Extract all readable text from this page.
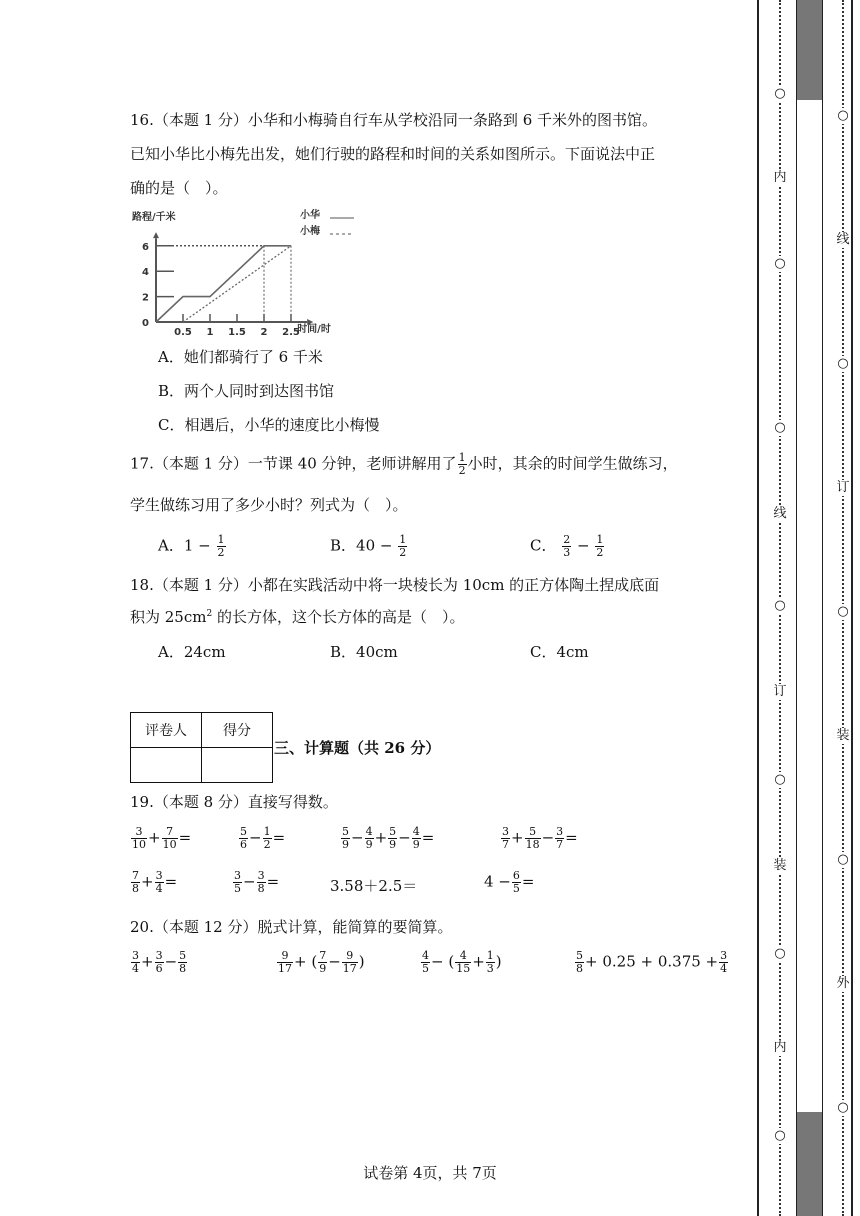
16.（本题 1 分）小华和小梅骑自行车从学校沿同一条路到 6 千米外的图书馆。
已知小华比小梅先出发，她们行驶的路程和时间的关系如图所示。下面说法中正
确的是（　）。
路程/千米
时间/时
0
2
4
6
0.5 1 1.5 2 2.5
小华
小梅
A．她们都骑行了 6 千米
B．两个人同时到达图书馆
C．相遇后，小华的速度比小梅慢
17.（本题 1 分）一节课 40 分钟，老师讲解用了 $\frac{1}{2}$ 小时，其余的时间学生做练习，
学生做练习用了多少小时？列式为（　）。
A．$1 - \frac{1}{2}$	B．$40 - \frac{1}{2}$	C． $\frac{2}{3} - \frac{1}{2}$
18.（本题 1 分）小都在实践活动中将一块棱长为 10cm 的正方体陶土捏成底面
积为 $25cm^2$ 的长方体，这个长方体的高是（　）。
A．24cm	B．40cm	C．4cm
评卷人	得分

三、计算题（共 26 分）
19.（本题 8 分）直接写得数。
$\frac{3}{10} + \frac{7}{10}$ =	$\frac{5}{6} - \frac{1}{2}$ =	$\frac{5}{9} - \frac{4}{9} + \frac{5}{9} - \frac{4}{9}$ =	$\frac{3}{7} + \frac{5}{18} - \frac{3}{7}$ =
$\frac{7}{8} + \frac{3}{4}$ =	$\frac{3}{5} - \frac{3}{8}$ =	3.58＋2.5＝	$4 - \frac{6}{5}$ =
20.（本题 12 分）脱式计算，能简算的要简算。
$\frac{3}{4} + \frac{3}{6} - \frac{5}{8}$	$\frac{9}{17}$ + ( $\frac{7}{9} - \frac{9}{17}$ )	$\frac{4}{5}$ − ( $\frac{4}{15} + \frac{1}{3}$ )	$\frac{5}{8} + 0.25 + 0.375 + \frac{3}{4}$
试卷第 4页，共 7页
○
内
○
○
线
○
订
○
装
○
内
○
○
线
○
订
○
装
○
外
○
